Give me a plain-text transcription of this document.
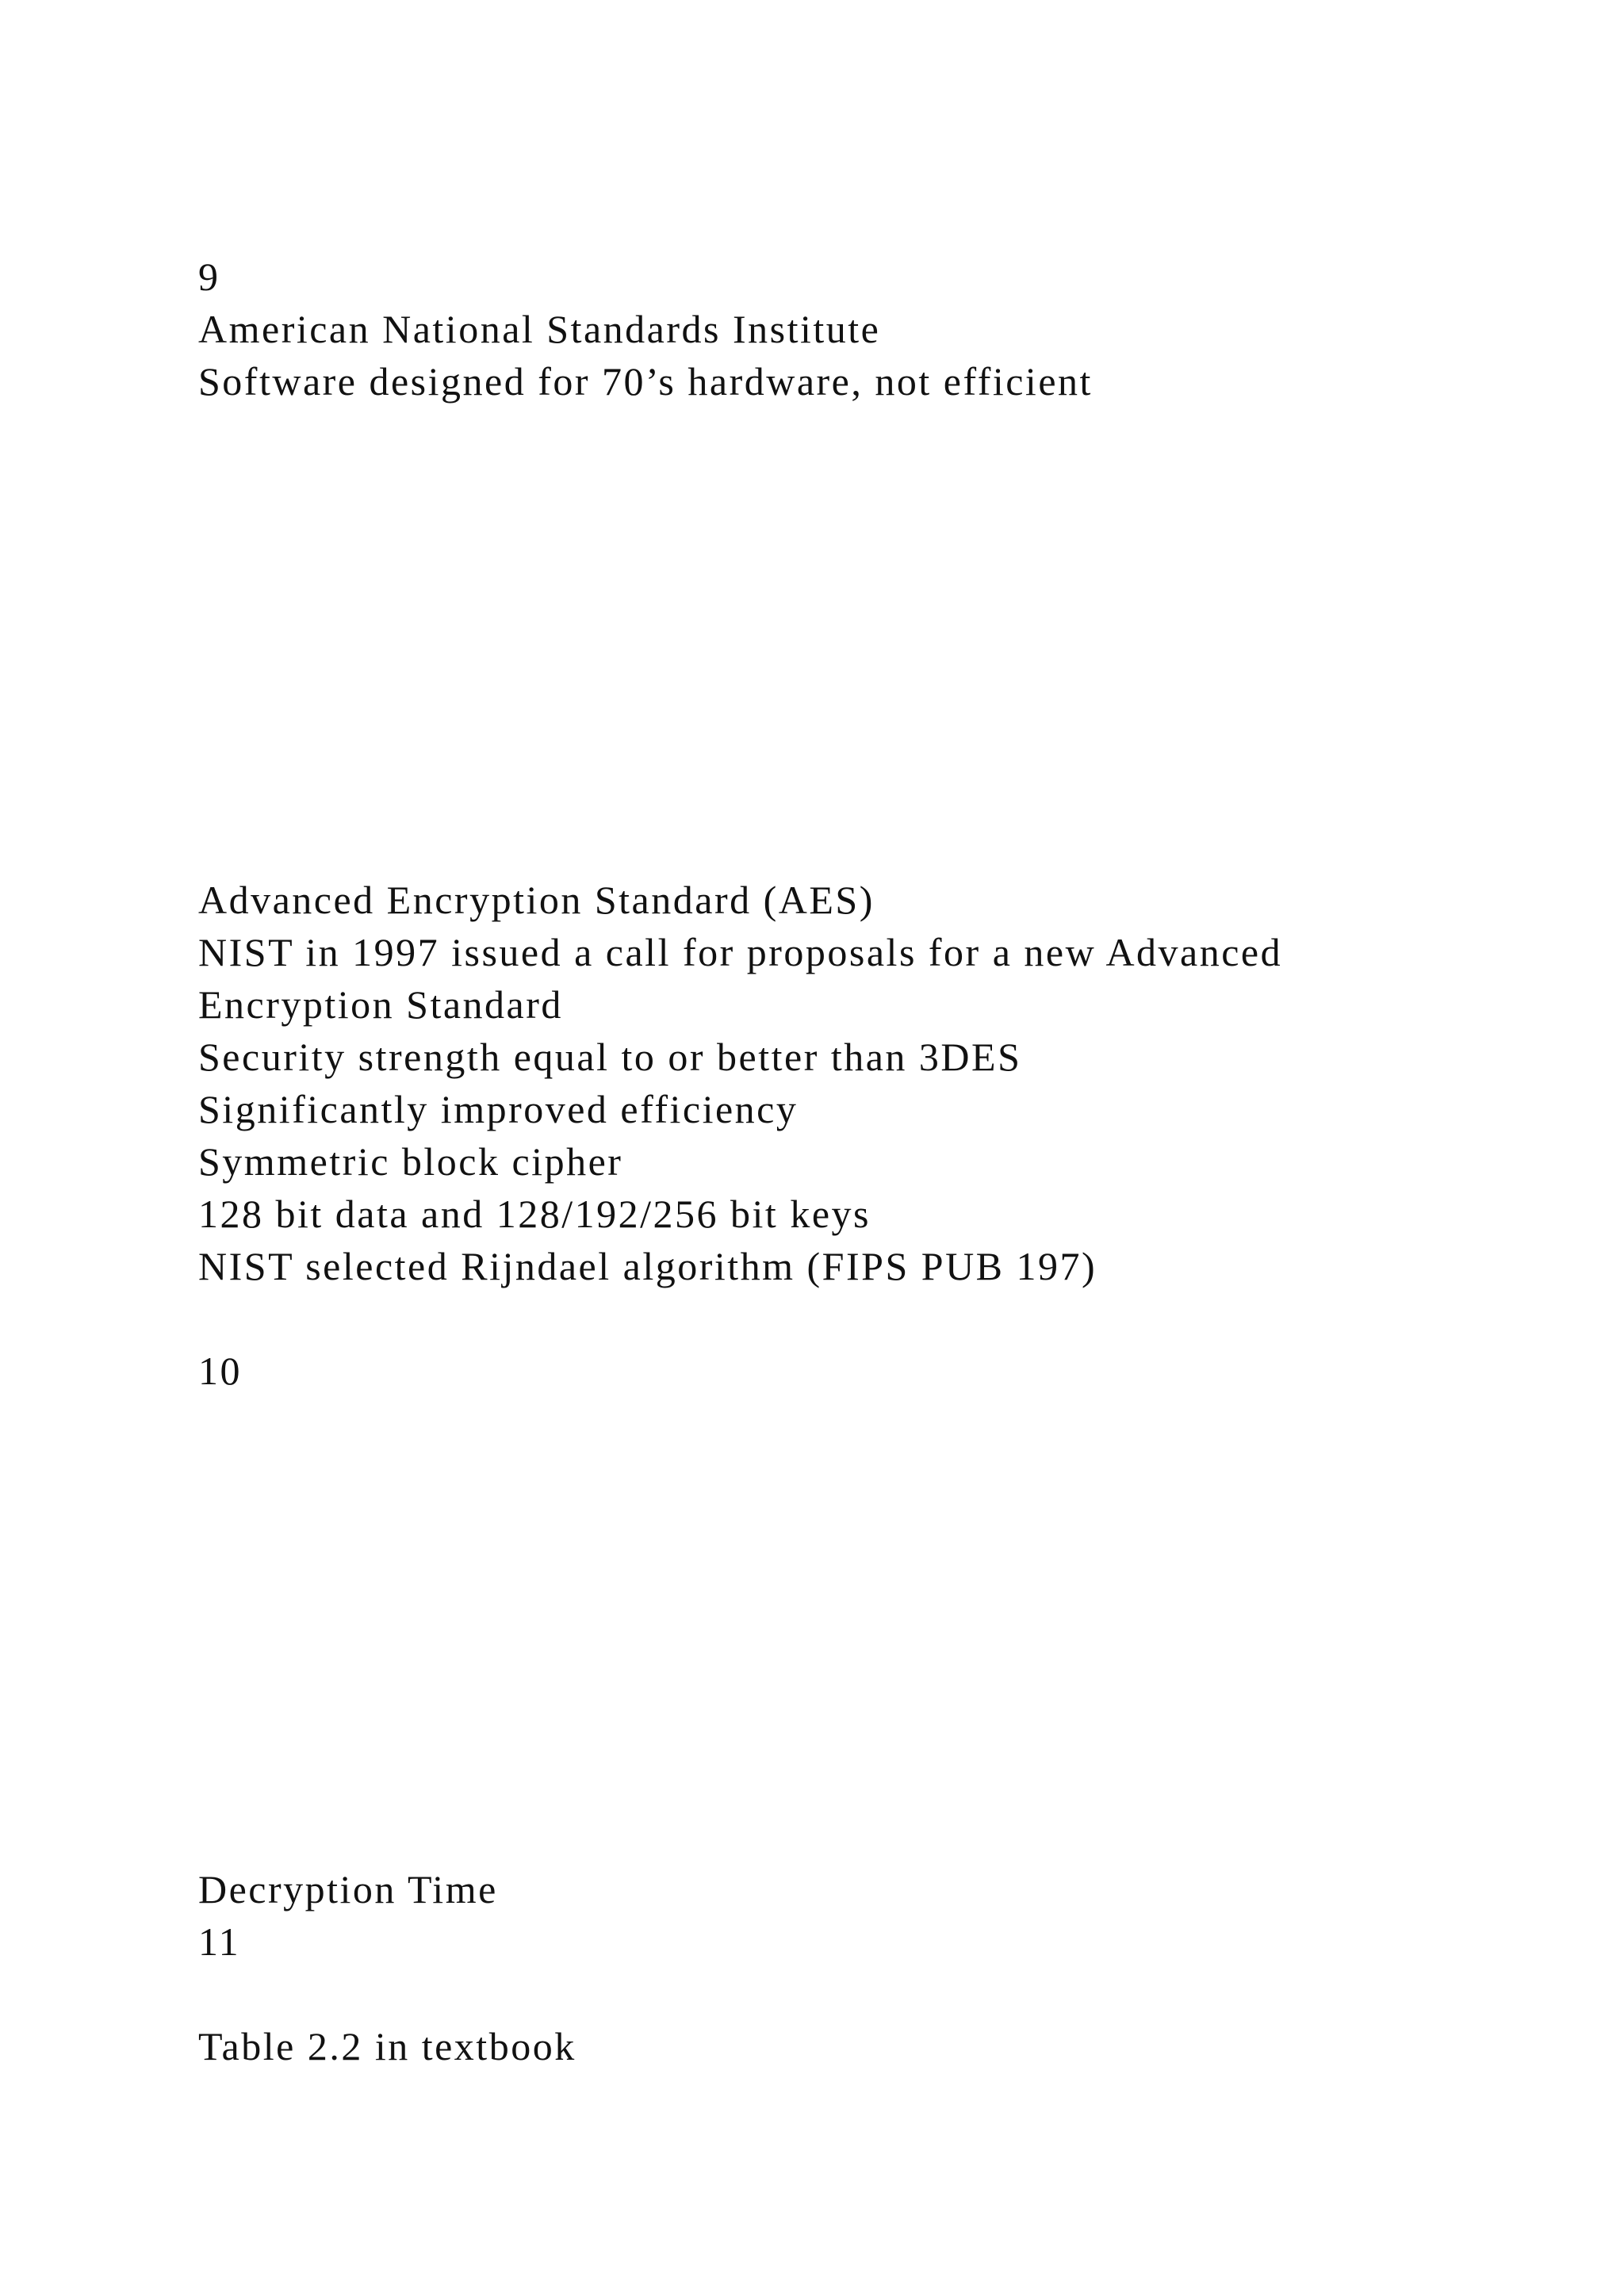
9
American National Standards Institute
Software designed for 70’s hardware, not efficient
Advanced Encryption Standard (AES)
NIST in 1997 issued a call for proposals for a new Advanced
Encryption Standard
Security strength equal to or better than 3DES
Significantly improved efficiency
Symmetric block cipher
128 bit data and 128/192/256 bit keys
NIST selected Rijndael algorithm (FIPS PUB 197)
10
Decryption Time
11
Table 2.2 in textbook
